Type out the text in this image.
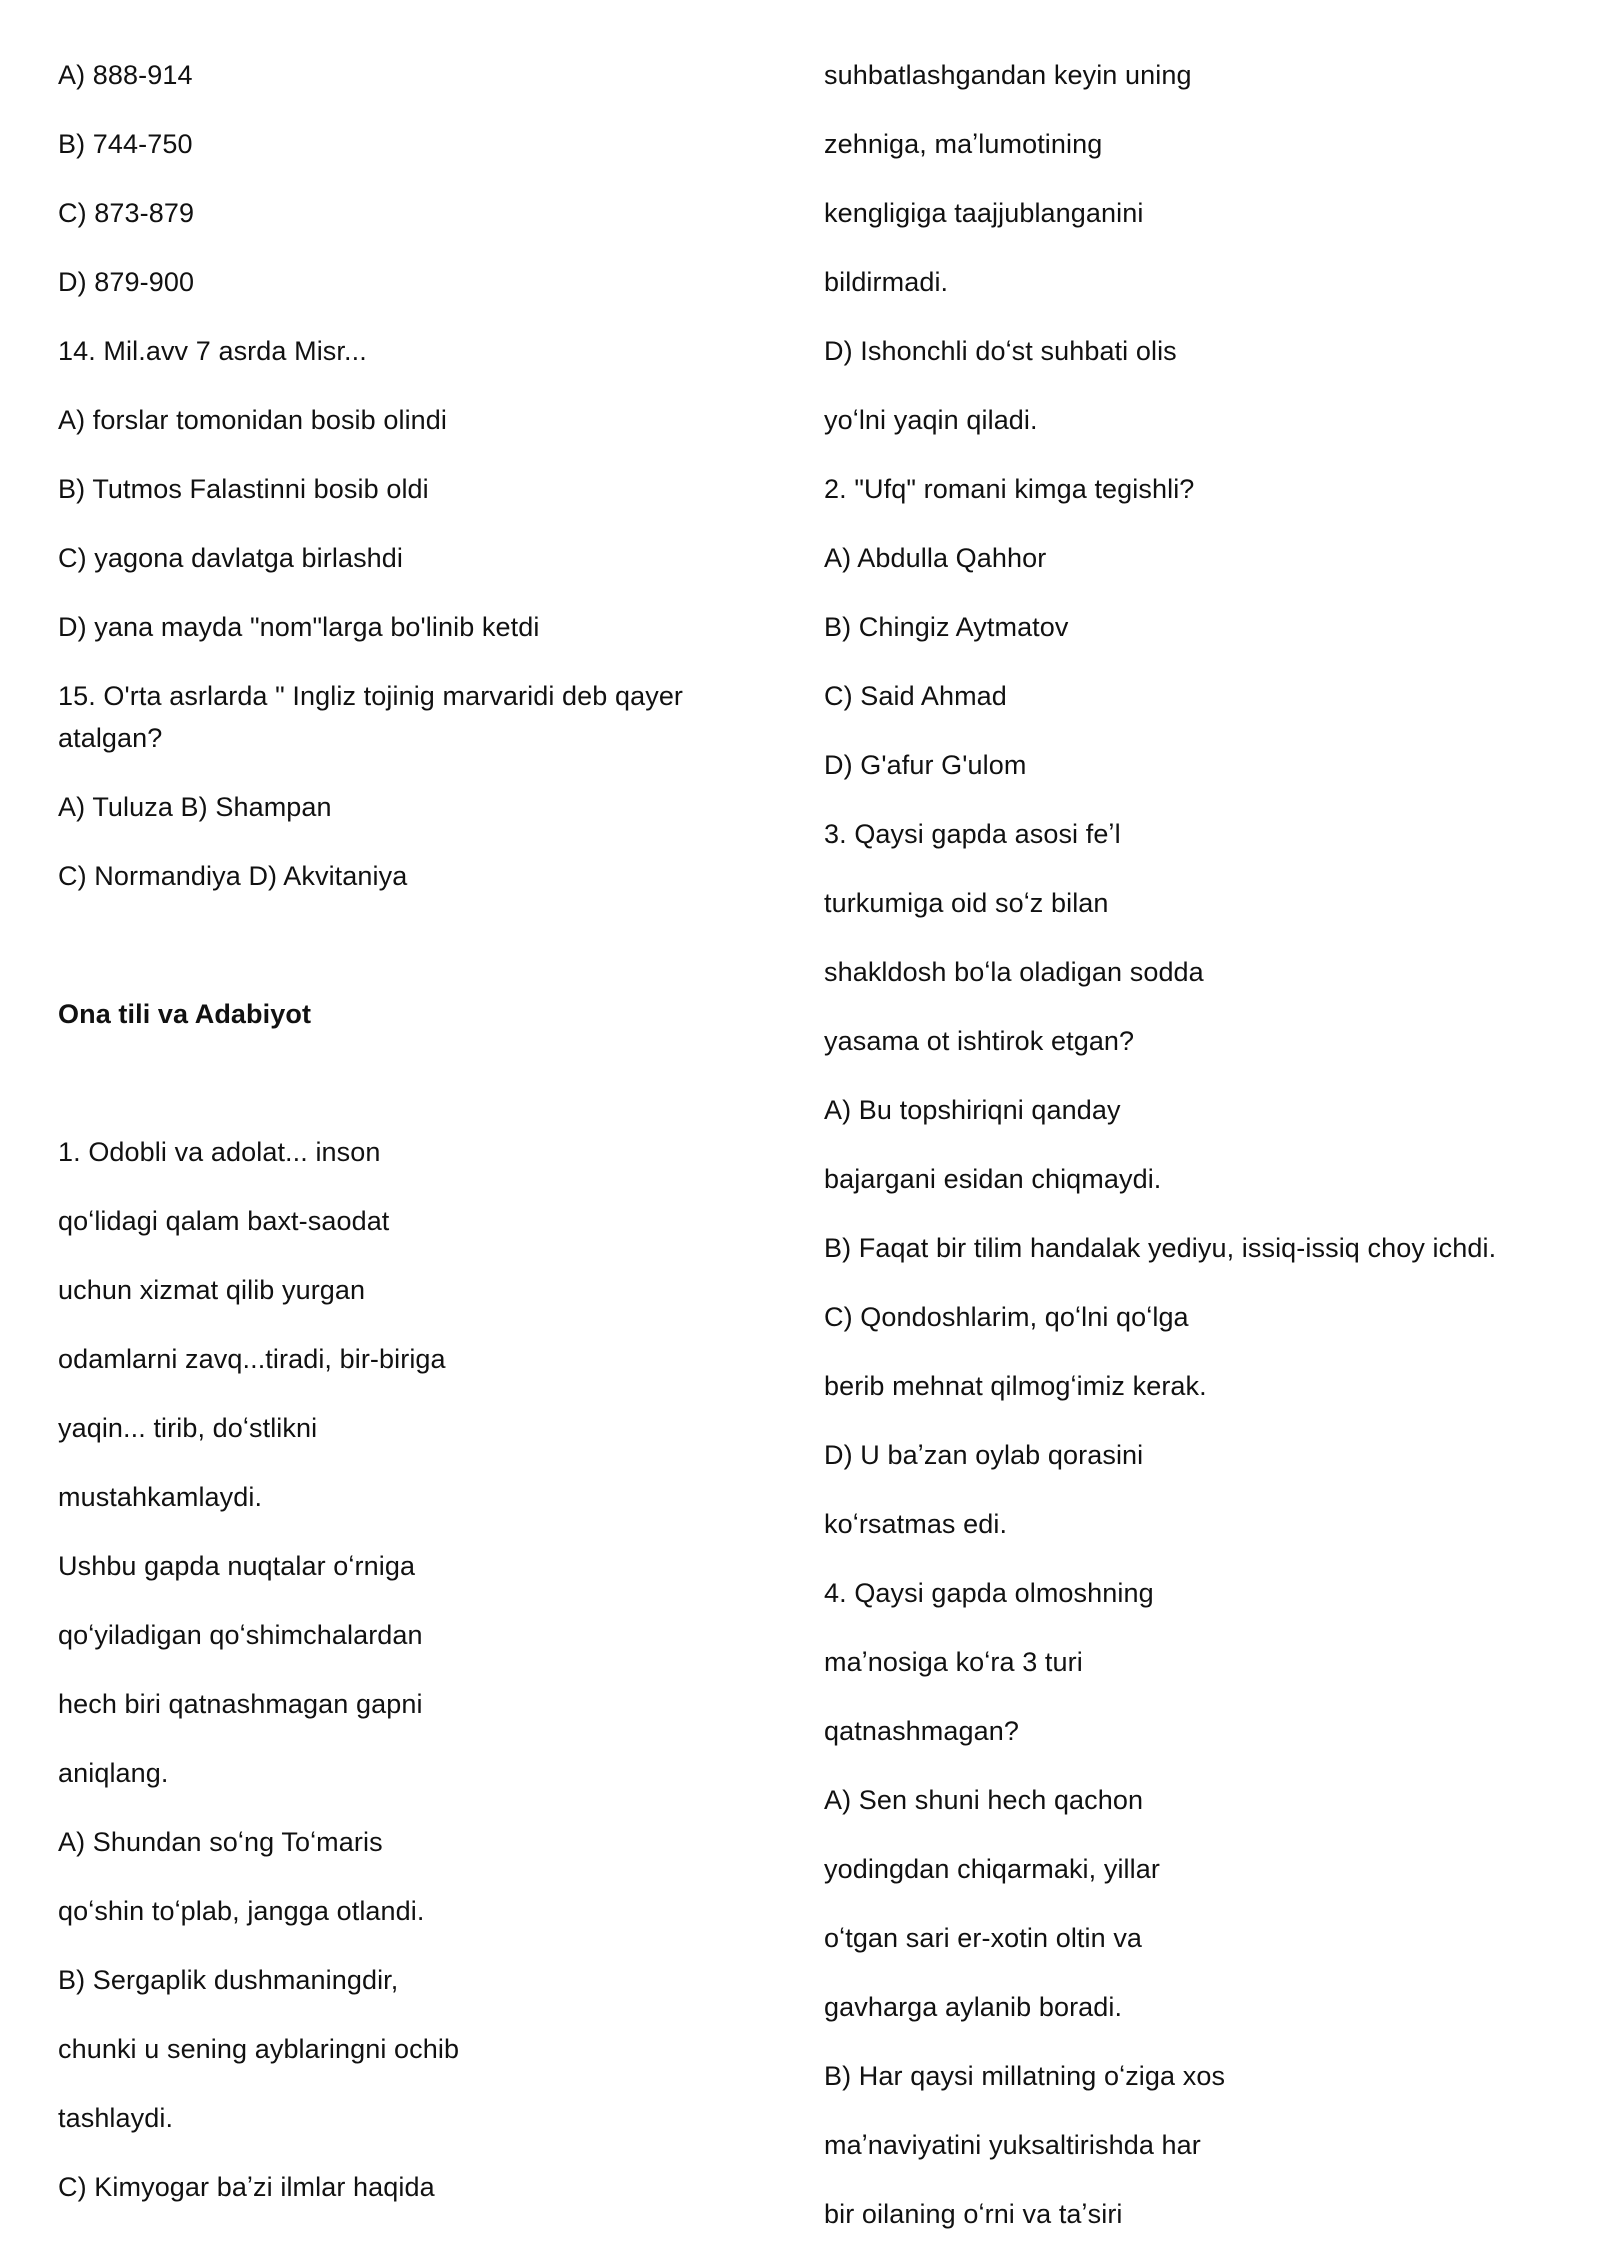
A) 888-914
B) 744-750
C) 873-879
D) 879-900
14. Mil.avv 7 asrda Misr...
A) forslar tomonidan bosib olindi
B) Tutmos Falastinni bosib oldi
C) yagona davlatga birlashdi
D) yana mayda "nom"larga bo'linib ketdi
15. O'rta asrlarda " Ingliz tojinig marvaridi deb qayer
atalgan?
A) Tuluza B) Shampan
C) Normandiya D) Akvitaniya
Ona tili va Adabiyot
1. Odobli va adolat... inson
qoʻlidagi qalam baxt-saodat
uchun xizmat qilib yurgan
odamlarni zavq...tiradi, bir-biriga
yaqin... tirib, doʻstlikni
mustahkamlaydi.
Ushbu gapda nuqtalar oʻrniga
qoʻyiladigan qoʻshimchalardan
hech biri qatnashmagan gapni
aniqlang.
A) Shundan soʻng Toʻmaris
qoʻshin toʻplab, jangga otlandi.
B) Sergaplik dushmaningdir,
chunki u sening ayblaringni ochib
tashlaydi.
C) Kimyogar baʼzi ilmlar haqida
suhbatlashgandan keyin uning
zehniga, maʼlumotining
kengligiga taajjublanganini
bildirmadi.
D) Ishonchli doʻst suhbati olis
yoʻlni yaqin qiladi.
2. "Ufq" romani kimga tegishli?
A) Abdulla Qahhor
B) Chingiz Aytmatov
C) Said Ahmad
D) G'afur G'ulom
3. Qaysi gapda asosi feʼl
turkumiga oid soʻz bilan
shakldosh boʻla oladigan sodda
yasama ot ishtirok etgan?
A) Bu topshiriqni qanday
bajargani esidan chiqmaydi.
B) Faqat bir tilim handalak yediyu, issiq-issiq choy ichdi.
C) Qondoshlarim, qoʻlni qoʻlga
berib mehnat qilmogʻimiz kerak.
D) U baʼzan oylab qorasini
koʻrsatmas edi.
4. Qaysi gapda olmoshning
maʼnosiga koʻra 3 turi
qatnashmagan?
A) Sen shuni hech qachon
yodingdan chiqarmaki, yillar
oʻtgan sari er-xotin oltin va
gavharga aylanib boradi.
B) Har qaysi millatning oʻziga xos
maʼnaviyatini yuksaltirishda har
bir oilaning oʻrni va taʼsiri
